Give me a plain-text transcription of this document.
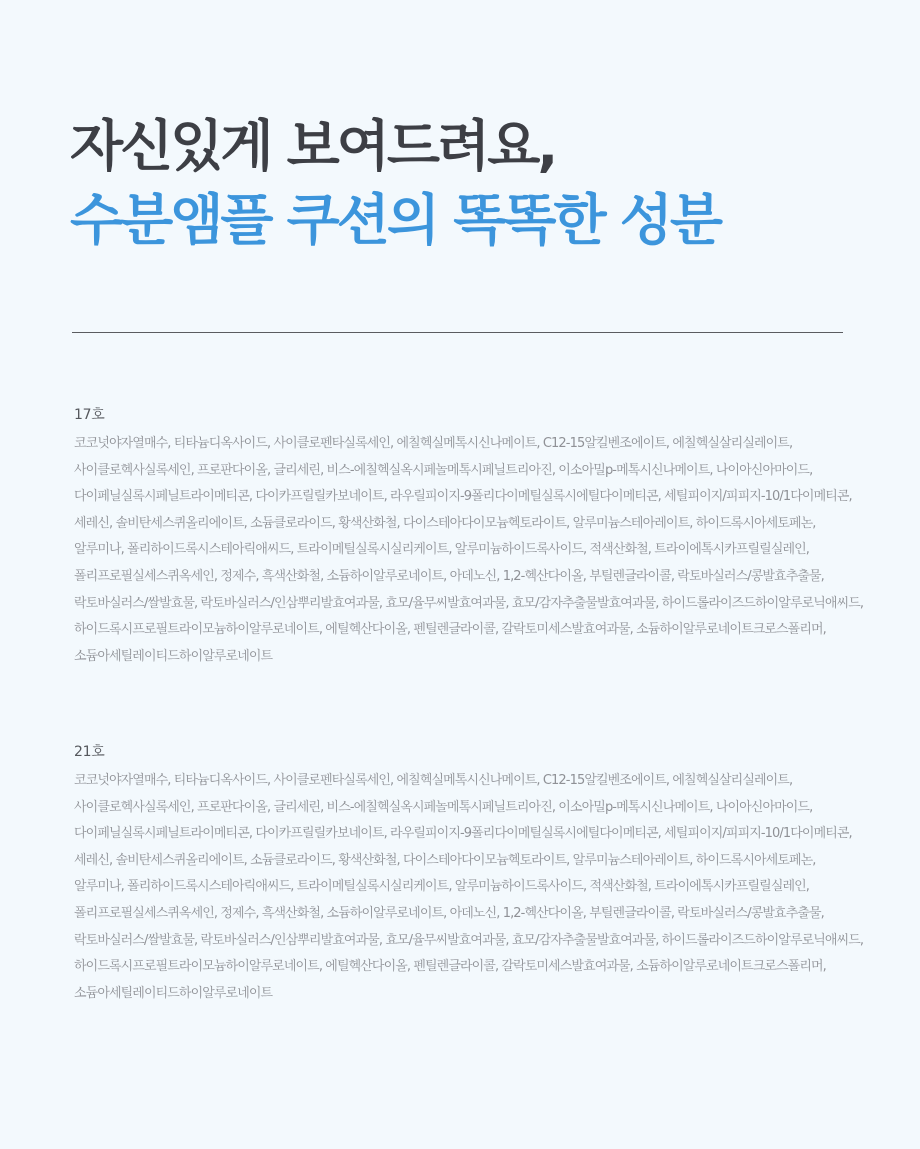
자신있게 보여드려요,
수분앰플 쿠션의 똑똑한 성분
17호
코코넛야자열매수, 티타늄디옥사이드, 사이클로펜타실록세인, 에칠헥실메톡시신나메이트, C12-15알킬벤조에이트, 에칠헥실살리실레이트, 사이클로헥사실록세인, 프로판다이올, 글리세린, 비스-에칠헥실옥시페놀메톡시페닐트리아진, 이소아밀p-메톡시신나메이트, 나이아신아마이드, 다이페닐실록시페닐트라이메티콘, 다이카프릴릴카보네이트, 라우릴피이지-9폴리다이메틸실록시에틸다이메티콘, 세틸피이지/피피지-10/1다이메티콘, 세레신, 솔비탄세스퀴올리에이트, 소듐클로라이드, 황색산화철, 다이스테아다이모늄헥토라이트, 알루미늄스테아레이트, 하이드록시아세토페논, 알루미나, 폴리하이드록시스테아릭애씨드, 트라이메틸실록시실리케이트, 알루미늄하이드록사이드, 적색산화철, 트라이에톡시카프릴릴실레인, 폴리프로필실세스퀴옥세인, 정제수, 흑색산화철, 소듐하이알루로네이트, 아데노신, 1,2-헥산다이올, 부틸렌글라이콜, 락토바실러스/콩발효추출물, 락토바실러스/쌀발효물, 락토바실러스/인삼뿌리발효여과물, 효모/율무씨발효여과물, 효모/감자추출물발효여과물, 하이드롤라이즈드하이알루로닉애씨드, 하이드록시프로필트라이모늄하이알루로네이트, 에틸헥산다이올, 펜틸렌글라이콜, 갈락토미세스발효여과물, 소듐하이알루로네이트크로스폴리머, 소듐아세틸레이티드하이알루로네이트
21호
코코넛야자열매수, 티타늄디옥사이드, 사이클로펜타실록세인, 에칠헥실메톡시신나메이트, C12-15알킬벤조에이트, 에칠헥실살리실레이트, 사이클로헥사실록세인, 프로판다이올, 글리세린, 비스-에칠헥실옥시페놀메톡시페닐트리아진, 이소아밀p-메톡시신나메이트, 나이아신아마이드, 다이페닐실록시페닐트라이메티콘, 다이카프릴릴카보네이트, 라우릴피이지-9폴리다이메틸실록시에틸다이메티콘, 세틸피이지/피피지-10/1다이메티콘, 세레신, 솔비탄세스퀴올리에이트, 소듐클로라이드, 황색산화철, 다이스테아다이모늄헥토라이트, 알루미늄스테아레이트, 하이드록시아세토페논, 알루미나, 폴리하이드록시스테아릭애씨드, 트라이메틸실록시실리케이트, 알루미늄하이드록사이드, 적색산화철, 트라이에톡시카프릴릴실레인, 폴리프로필실세스퀴옥세인, 정제수, 흑색산화철, 소듐하이알루로네이트, 아데노신, 1,2-헥산다이올, 부틸렌글라이콜, 락토바실러스/콩발효추출물, 락토바실러스/쌀발효물, 락토바실러스/인삼뿌리발효여과물, 효모/율무씨발효여과물, 효모/감자추출물발효여과물, 하이드롤라이즈드하이알루로닉애씨드, 하이드록시프로필트라이모늄하이알루로네이트, 에틸헥산다이올, 펜틸렌글라이콜, 갈락토미세스발효여과물, 소듐하이알루로네이트크로스폴리머, 소듐아세틸레이티드하이알루로네이트
